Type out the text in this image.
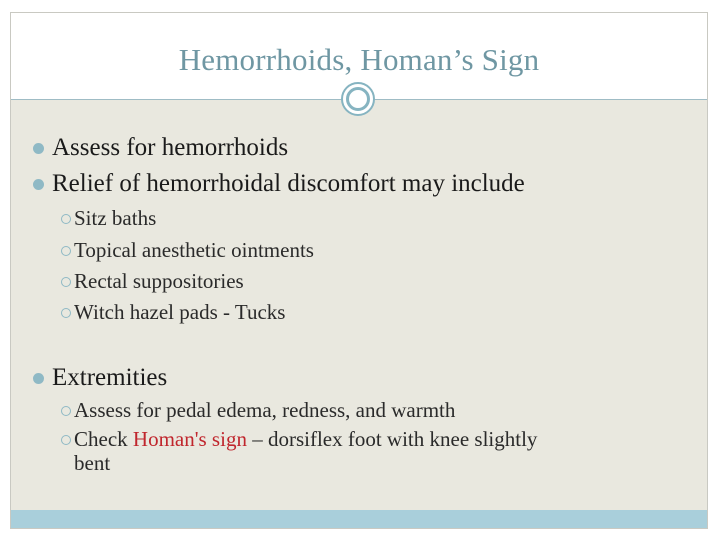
Hemorrhoids, Homan’s Sign
Assess for hemorrhoids
Relief of hemorrhoidal discomfort may include
Sitz baths
Topical anesthetic ointments
Rectal suppositories
Witch hazel pads - Tucks
Extremities
Assess for pedal edema, redness, and warmth
Check Homan's sign – dorsiflex foot with knee slightly
bent
